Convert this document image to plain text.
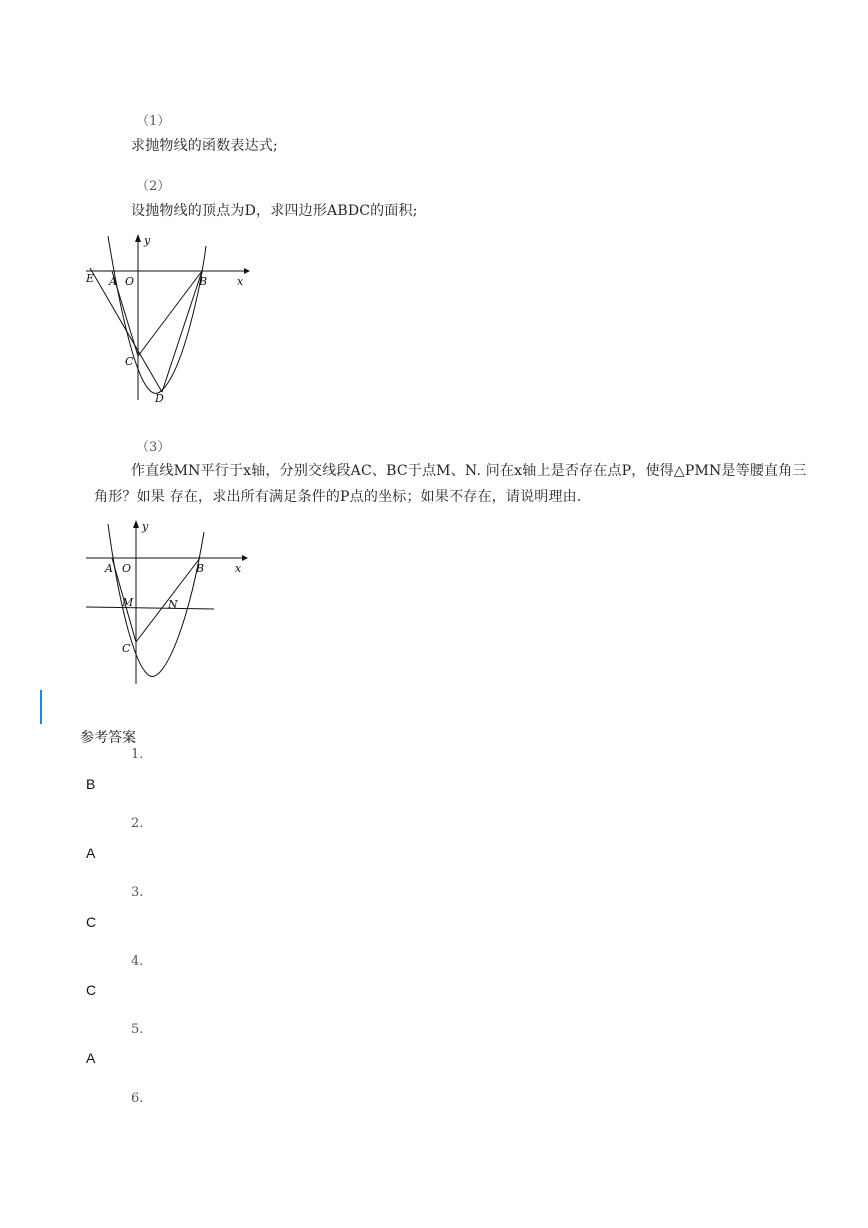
（1）
求抛物线的函数表达式;
（2）
设抛物线的顶点为D，求四边形ABDC的面积;
y
x
E A O	B
C
D
（3）
作直线MN平行于x轴，分别交线段AC、BC于点M、N. 问在x轴上是否存在点P，使得△PMN是等腰直角三
角形？如果 存在，求出所有满足条件的P点的坐标；如果不存在，请说明理由.
y
x
A O	B
M	N
C
参考答案
1.
B
2.
A
3.
C
4.
C
5.
A
6.
